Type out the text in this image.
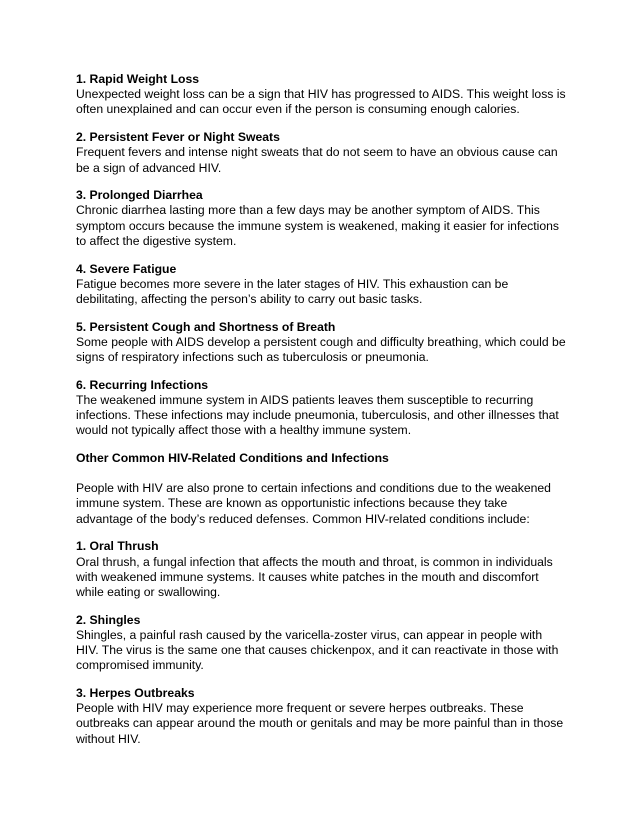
1. Rapid Weight Loss
Unexpected weight loss can be a sign that HIV has progressed to AIDS. This weight loss is often unexplained and can occur even if the person is consuming enough calories.
2. Persistent Fever or Night Sweats
Frequent fevers and intense night sweats that do not seem to have an obvious cause can be a sign of advanced HIV.
3. Prolonged Diarrhea
Chronic diarrhea lasting more than a few days may be another symptom of AIDS. This symptom occurs because the immune system is weakened, making it easier for infections to affect the digestive system.
4. Severe Fatigue
Fatigue becomes more severe in the later stages of HIV. This exhaustion can be debilitating, affecting the person’s ability to carry out basic tasks.
5. Persistent Cough and Shortness of Breath
Some people with AIDS develop a persistent cough and difficulty breathing, which could be signs of respiratory infections such as tuberculosis or pneumonia.
6. Recurring Infections
The weakened immune system in AIDS patients leaves them susceptible to recurring infections. These infections may include pneumonia, tuberculosis, and other illnesses that would not typically affect those with a healthy immune system.
Other Common HIV-Related Conditions and Infections
People with HIV are also prone to certain infections and conditions due to the weakened immune system. These are known as opportunistic infections because they take advantage of the body’s reduced defenses. Common HIV-related conditions include:
1. Oral Thrush
Oral thrush, a fungal infection that affects the mouth and throat, is common in individuals with weakened immune systems. It causes white patches in the mouth and discomfort while eating or swallowing.
2. Shingles
Shingles, a painful rash caused by the varicella-zoster virus, can appear in people with HIV. The virus is the same one that causes chickenpox, and it can reactivate in those with compromised immunity.
3. Herpes Outbreaks
People with HIV may experience more frequent or severe herpes outbreaks. These outbreaks can appear around the mouth or genitals and may be more painful than in those without HIV.
